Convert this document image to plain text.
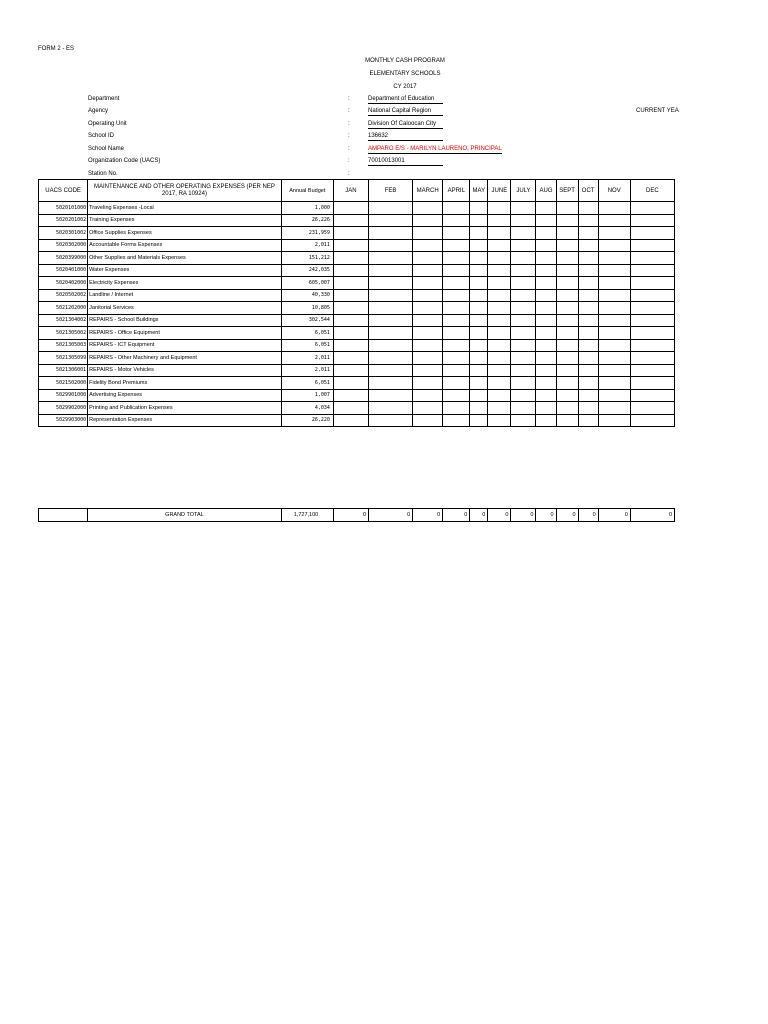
FORM 2 - ES
MONTHLY CASH PROGRAM
ELEMENTARY SCHOOLS
CY 2017
CURRENT YEA
Department	:	Department of Education
Agency	:	National Capital Region
Operating Unit	:	Division Of Caloocan City
School ID	:	136632
School Name	:	AMPARO E/S - MARILYN LAURENO, PRINCIPAL
Organization Code (UACS)	:	70010013001
Station No.	:
UACS CODE	MAINTENANCE AND OTHER OPERATING EXPENSES (PER NEP 2017, RA 10924)	Annual Budget	JAN	FEB	MARCH	APRIL	MAY	JUNE	JULY	AUG	SEPT	OCT	NOV	DEC
5020101000	Traveling Expenses -Local	1,000												
5020201002	Training Expenses	26,226												
5020301002	Office Supplies Expenses	231,959												
5020302000	Accountable Forms Expenses	2,011												
5020399000	Other Supplies and Materials Expenses	151,212												
5020401000	Water Expenses	242,035												
5020402000	Electricity Expenses	605,007												
5020502002	Landline / Internet	40,330												
5021202000	Janitorial Services	10,805												
5021304002	REPAIRS - School Buildings	302,544												
5021305002	REPAIRS - Office Equipment	6,051												
5021305003	REPAIRS - ICT Equipment	6,051												
5021305099	REPAIRS - Other Machinery and Equipment	2,011												
5021306001	REPAIRS - Motor Vehicles	2,011												
5021502000	Fidelity Bond Premiums	6,051												
5029901000	Advertising Expenses	1,007												
5029902000	Printing and Publication Expenses	4,034												
5029903000	Representation Expenses	26,220												
	GRAND TOTAL	1,727,100	0	0	0	0	0	0	0	0	0	0	0	0
